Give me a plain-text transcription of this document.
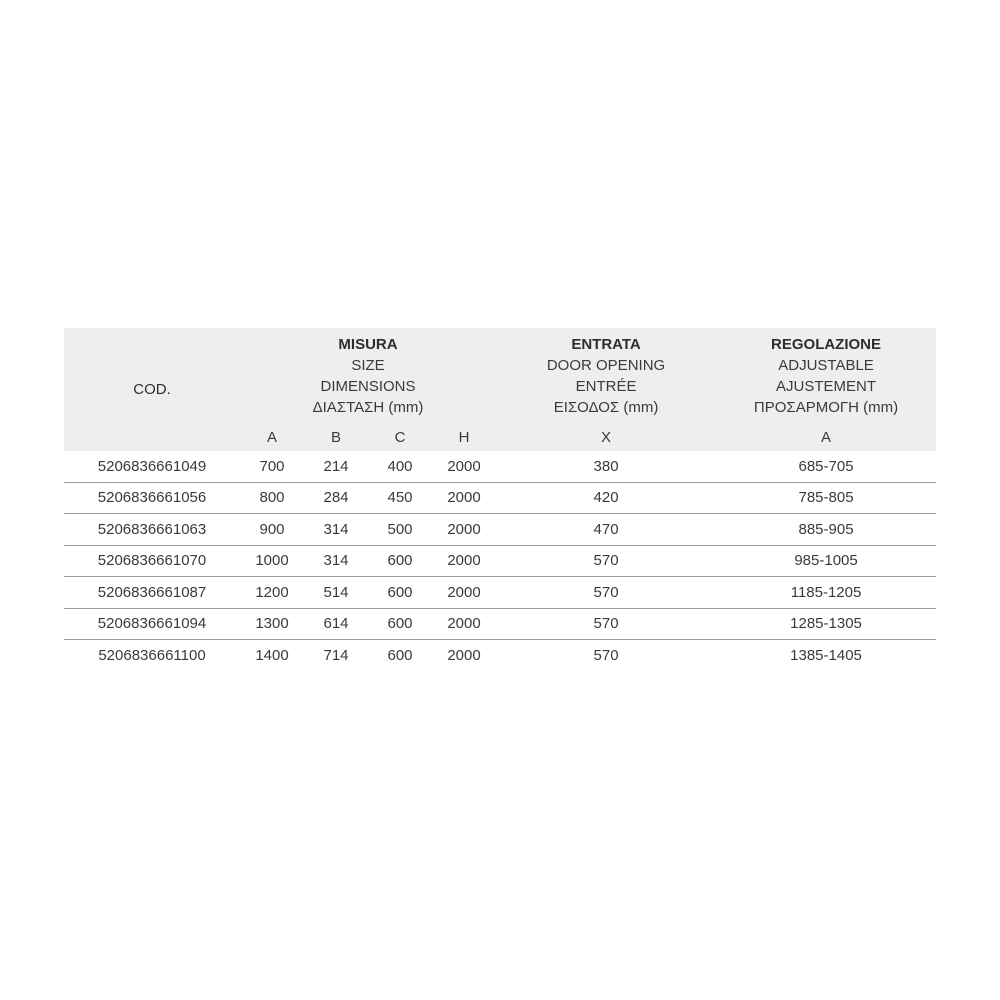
COD.	MISURA
SIZE
DIMENSIONS
ΔΙΑΣΤΑΣΗ (mm)				ENTRATA
DOOR OPENING
ENTRÉE
ΕΙΣΟΔΟΣ (mm)	REGOLAZIONE
ADJUSTABLE
AJUSTEMENT
ΠΡΟΣΑΡΜΟΓΗ (mm)

	A	B	C	H	X	A
5206836661049	700	214	400	2000	380	685-705
5206836661056	800	284	450	2000	420	785-805
5206836661063	900	314	500	2000	470	885-905
5206836661070	1000	314	600	2000	570	985-1005
5206836661087	1200	514	600	2000	570	1185-1205
5206836661094	1300	614	600	2000	570	1285-1305
5206836661100	1400	714	600	2000	570	1385-1405
